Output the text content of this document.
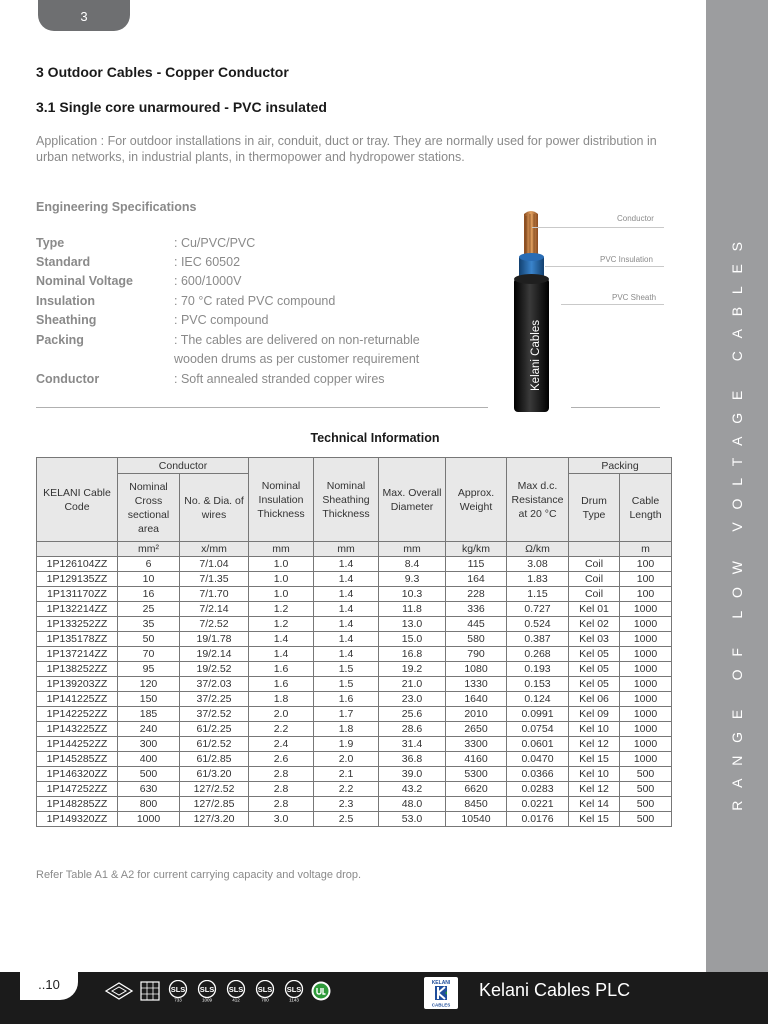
3
RANGE OF LOW VOLTAGE CABLES
3 Outdoor Cables - Copper Conductor
3.1 Single core unarmoured - PVC insulated
Application : For outdoor installations in air, conduit, duct or tray. They are normally used for power distribution in urban networks, in industrial plants, in thermopower and hydropower stations.
Engineering Specifications
Type	: Cu/PVC/PVC
Standard	: IEC 60502
Nominal Voltage	: 600/1000V
Insulation	: 70 °C rated PVC compound
Sheathing	: PVC compound
Packing	: The cables are delivered on non-returnable
wooden drums as per customer requirement
Conductor	: Soft annealed stranded copper wires	Kelani Cables
Conductor
PVC Insulation
PVC Sheath
Technical Information
KELANI Cable Code	Conductor		Nominal Insulation Thickness	Nominal Sheathing Thickness	Max. Overall Diameter	Approx. Weight	Max d.c. Resistance at 20 °C	Packing	
	Nominal Cross sectional area	No. & Dia. of wires						Drum Type	Cable Length
	mm²	x/mm	mm	mm	mm	kg/km	Ω/km		m
1P126104ZZ	6	7/1.04	1.0	1.4	8.4	115	3.08	Coil	100
1P129135ZZ	10	7/1.35	1.0	1.4	9.3	164	1.83	Coil	100
1P131170ZZ	16	7/1.70	1.0	1.4	10.3	228	1.15	Coil	100
1P132214ZZ	25	7/2.14	1.2	1.4	11.8	336	0.727	Kel 01	1000
1P133252ZZ	35	7/2.52	1.2	1.4	13.0	445	0.524	Kel 02	1000
1P135178ZZ	50	19/1.78	1.4	1.4	15.0	580	0.387	Kel 03	1000
1P137214ZZ	70	19/2.14	1.4	1.4	16.8	790	0.268	Kel 05	1000
1P138252ZZ	95	19/2.52	1.6	1.5	19.2	1080	0.193	Kel 05	1000
1P139203ZZ	120	37/2.03	1.6	1.5	21.0	1330	0.153	Kel 05	1000
1P141225ZZ	150	37/2.25	1.8	1.6	23.0	1640	0.124	Kel 06	1000
1P142252ZZ	185	37/2.52	2.0	1.7	25.6	2010	0.0991	Kel 09	1000
1P143225ZZ	240	61/2.25	2.2	1.8	28.6	2650	0.0754	Kel 10	1000
1P144252ZZ	300	61/2.52	2.4	1.9	31.4	3300	0.0601	Kel 12	1000
1P145285ZZ	400	61/2.85	2.6	2.0	36.8	4160	0.0470	Kel 15	1000
1P146320ZZ	500	61/3.20	2.8	2.1	39.0	5300	0.0366	Kel 10	500
1P147252ZZ	630	127/2.52	2.8	2.2	43.2	6620	0.0283	Kel 12	500
1P148285ZZ	800	127/2.85	2.8	2.3	48.0	8450	0.0221	Kel 14	500
1P149320ZZ	1000	127/3.20	3.0	2.5	53.0	10540	0.0176	Kel 15	500
Refer Table A1 & A2 for current carrying capacity and voltage drop.
..10	SLS
733
SLS
1009
SLS
412
SLS
700
SLS
1143
KELANI
CABLES
Kelani Cables PLC
